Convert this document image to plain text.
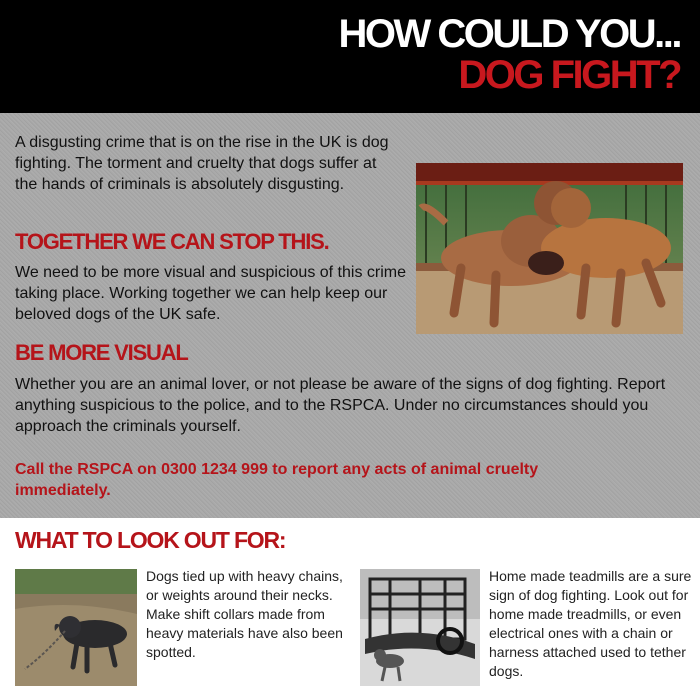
HOW COULD YOU...
DOG FIGHT?
A disgusting crime that is on the rise in the UK is dog fighting. The torment and cruelty that dogs suffer at the hands of criminals is absolutely disgusting.
TOGETHER WE CAN STOP THIS.
We need to be more visual and suspicious of this crime taking place. Working together we can help keep our beloved dogs of the UK safe.
BE MORE VISUAL
Whether you are an animal lover, or not please be aware of the signs of dog fighting. Report anything suspicious to the police, and to the RSPCA. Under no circumstances should you approach the criminals yourself.
Call the RSPCA on 0300 1234 999 to report any acts of animal cruelty immediately.
WHAT TO LOOK OUT FOR:
Dogs tied up with heavy chains, or weights around their necks. Make shift collars made from heavy materials have also been spotted.
Home made teadmills are a sure sign of dog fighting. Look out for home made treadmills, or even electrical ones with a chain or harness attached used to tether dogs.
